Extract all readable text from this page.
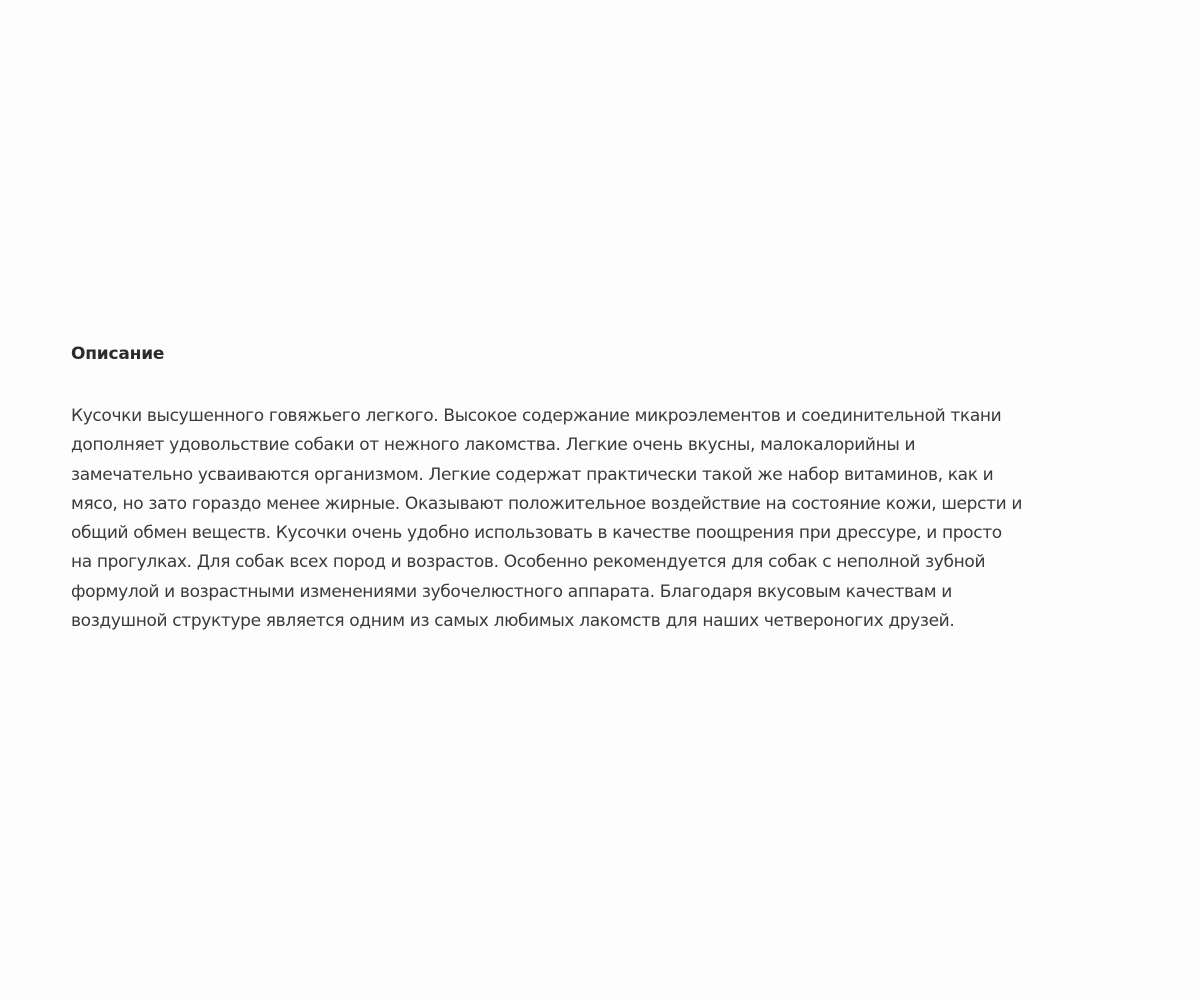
Описание
Кусочки высушенного говяжьего легкого. Высокое содержание микроэлементов и соединительной ткани
дополняет удовольствие собаки от нежного лакомства. Легкие очень вкусны, малокалорийны и
замечательно усваиваются организмом. Легкие содержат практически такой же набор витаминов, как и
мясо, но зато гораздо менее жирные. Оказывают положительное воздействие на состояние кожи, шерсти и
общий обмен веществ. Кусочки очень удобно использовать в качестве поощрения при дрессуре, и просто
на прогулках. Для собак всех пород и возрастов. Особенно рекомендуется для собак с неполной зубной
формулой и возрастными изменениями зубочелюстного аппарата. Благодаря вкусовым качествам и
воздушной структуре является одним из самых любимых лакомств для наших четвероногих друзей.
